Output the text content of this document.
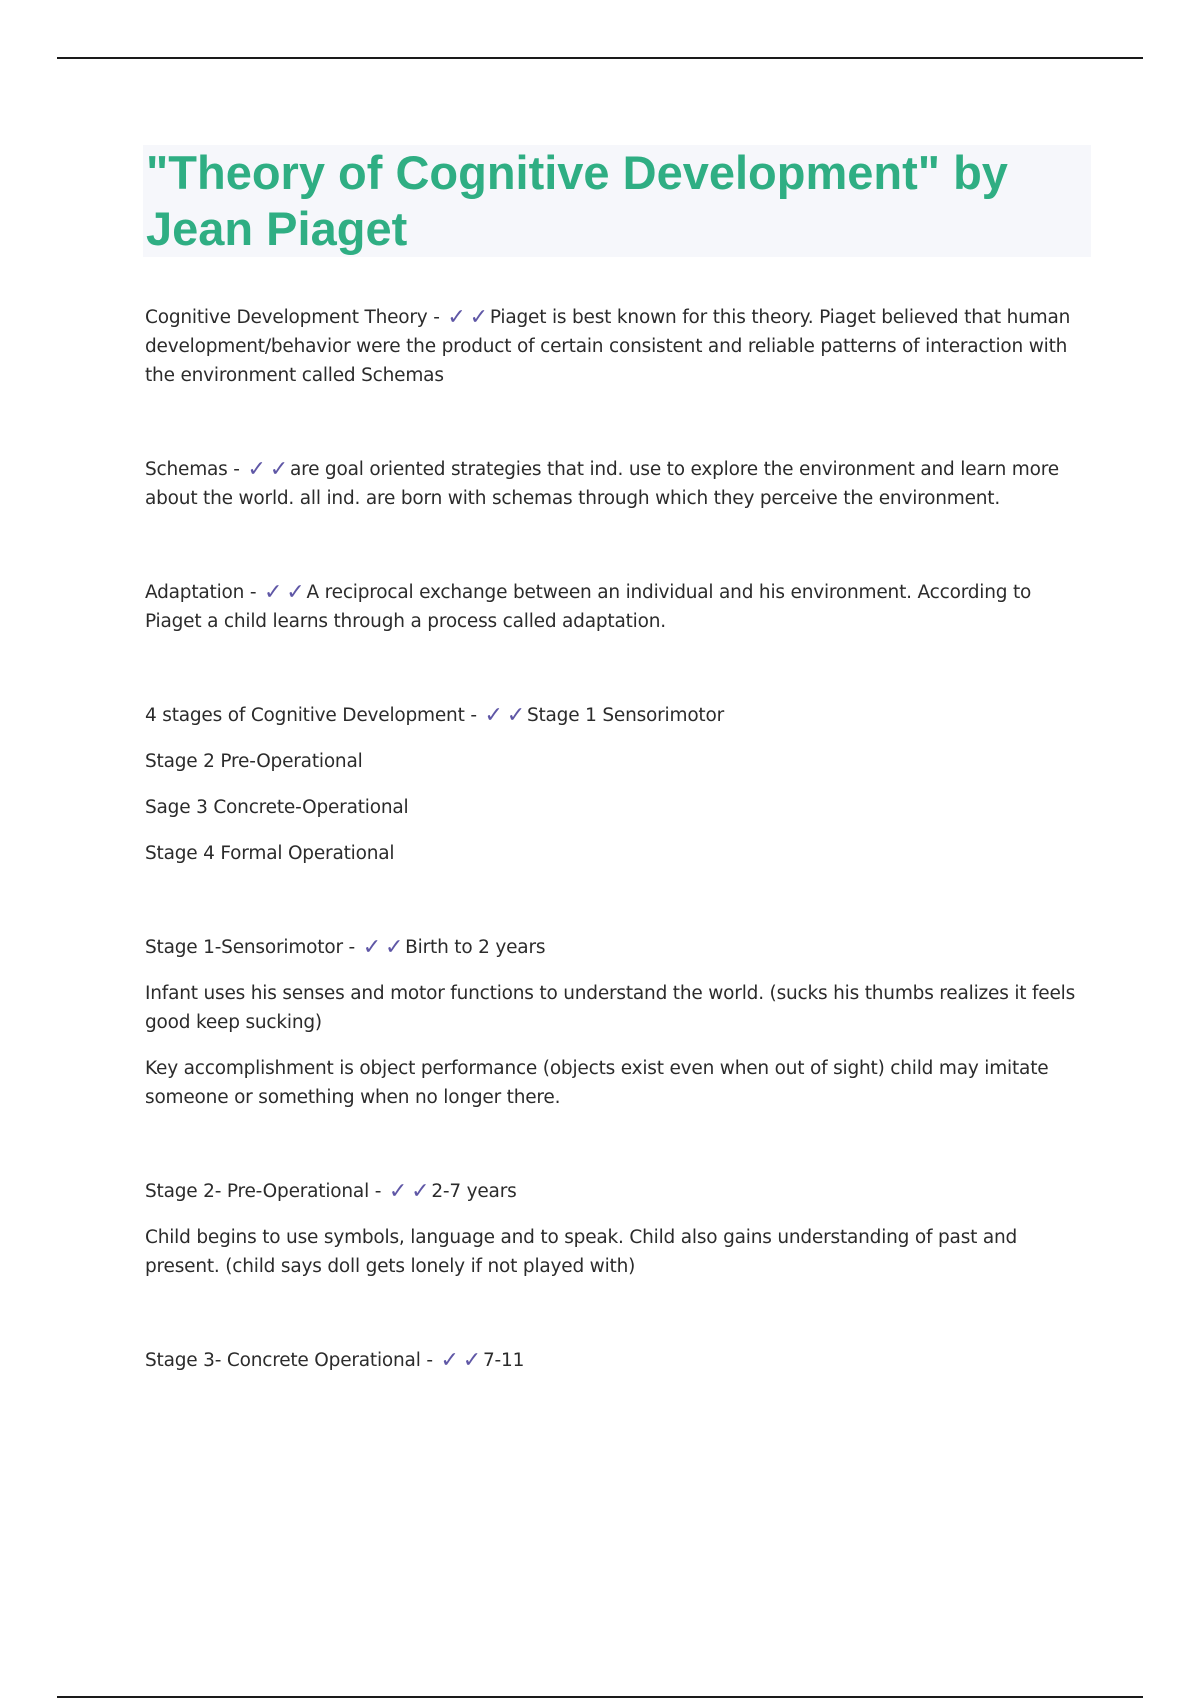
"Theory of Cognitive Development" by
Jean Piaget

Cognitive Development Theory - ✓ ✓ Piaget is best known for this theory. Piaget believed that human development/behavior were the product of certain consistent and reliable patterns of interaction with the environment called Schemas

Schemas - ✓ ✓ are goal oriented strategies that ind. use to explore the environment and learn more about the world. all ind. are born with schemas through which they perceive the environment.

Adaptation - ✓ ✓ A reciprocal exchange between an individual and his environment. According to Piaget a child learns through a process called adaptation.

4 stages of Cognitive Development - ✓ ✓ Stage 1 Sensorimotor

Stage 2 Pre-Operational

Sage 3 Concrete-Operational

Stage 4 Formal Operational

Stage 1-Sensorimotor - ✓ ✓ Birth to 2 years

Infant uses his senses and motor functions to understand the world. (sucks his thumbs realizes it feels good keep sucking)

Key accomplishment is object performance (objects exist even when out of sight) child may imitate someone or something when no longer there.

Stage 2- Pre-Operational - ✓ ✓ 2-7 years

Child begins to use symbols, language and to speak. Child also gains understanding of past and present. (child says doll gets lonely if not played with)

Stage 3- Concrete Operational - ✓ ✓ 7-11
